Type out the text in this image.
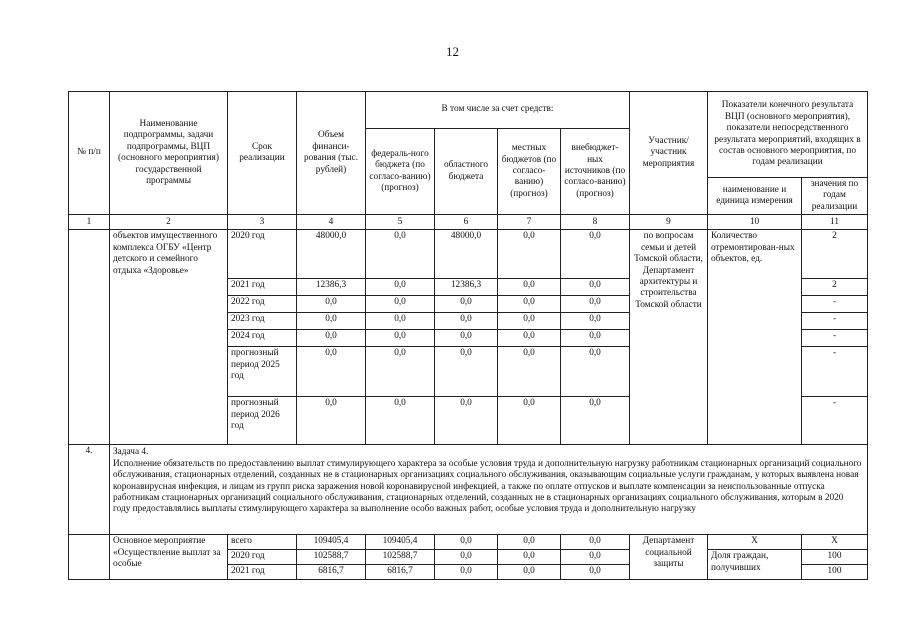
12
№ п/п	Наименование подпрограммы, задачи подпрограммы, ВЦП (основного мероприятия) государственной программы	Срок реализации	Объем финанси-рования (тыс. рублей)	В том числе за счет средств:				Участник/ участник мероприятия	Показатели конечного результата ВЦП (основного мероприятия), показатели непосредственного результата мероприятий, входящих в состав основного мероприятия, по годам реализации	
				федераль-ного бюджета (по согласо-ванию) (прогноз)	областного бюджета	местных бюджетов (по согласо-ванию) (прогноз)	внебюджет-ных источников (по согласо-ванию) (прогноз)			
									наименование и единица измерения	значения по годам реализации
1	2	3	4	5	6	7	8	9	10	11
	объектов имущественного комплекса ОГБУ «Центр детского и семейного отдыха «Здоровье»	2020 год	48000,0	0,0	48000,0	0,0	0,0	по вопросам семьи и детей Томской области, Департамент архитектуры и строительства Томской области	Количество отремонтирован-ных объектов, ед.	2
		2021 год	12386,3	0,0	12386,3	0,0	0,0			2
		2022 год	0,0	0,0	0,0	0,0	0,0			-
		2023 год	0,0	0,0	0,0	0,0	0,0			-
		2024 год	0,0	0,0	0,0	0,0	0,0			-
		прогнозный период 2025 год	0,0	0,0	0,0	0,0	0,0			-
		прогнозный период 2026 год	0,0	0,0	0,0	0,0	0,0			-
4.	Задача 4.
Исполнение обязательств по предоставлению выплат стимулирующего характера за особые условия труда и дополнительную нагрузку работникам стационарных организаций социального обслуживания, стационарных отделений, созданных не в стационарных организациях социального обслуживания, оказывающим социальные услуги гражданам, у которых выявлена новая коронавирусная инфекция, и лицам из групп риска заражения новой коронавирусной инфекцией, а также по оплате отпусков и выплате компенсации за неиспользованные отпуска работникам стационарных организаций социального обслуживания, стационарных отделений, созданных не в стационарных организациях социального обслуживания, которым в 2020 году предоставлялись выплаты стимулирующего характера за выполнение особо важных работ, особые условия труда и дополнительную нагрузку									

	Основное мероприятие «Осуществление выплат за особые	всего	109405,4	109405,4	0,0	0,0	0,0	Департамент социальной защиты	Х	Х
		2020 год	102588,7	102588,7	0,0	0,0	0,0		Доля граждан, получивших	100
		2021 год	6816,7	6816,7	0,0	0,0	0,0			100
